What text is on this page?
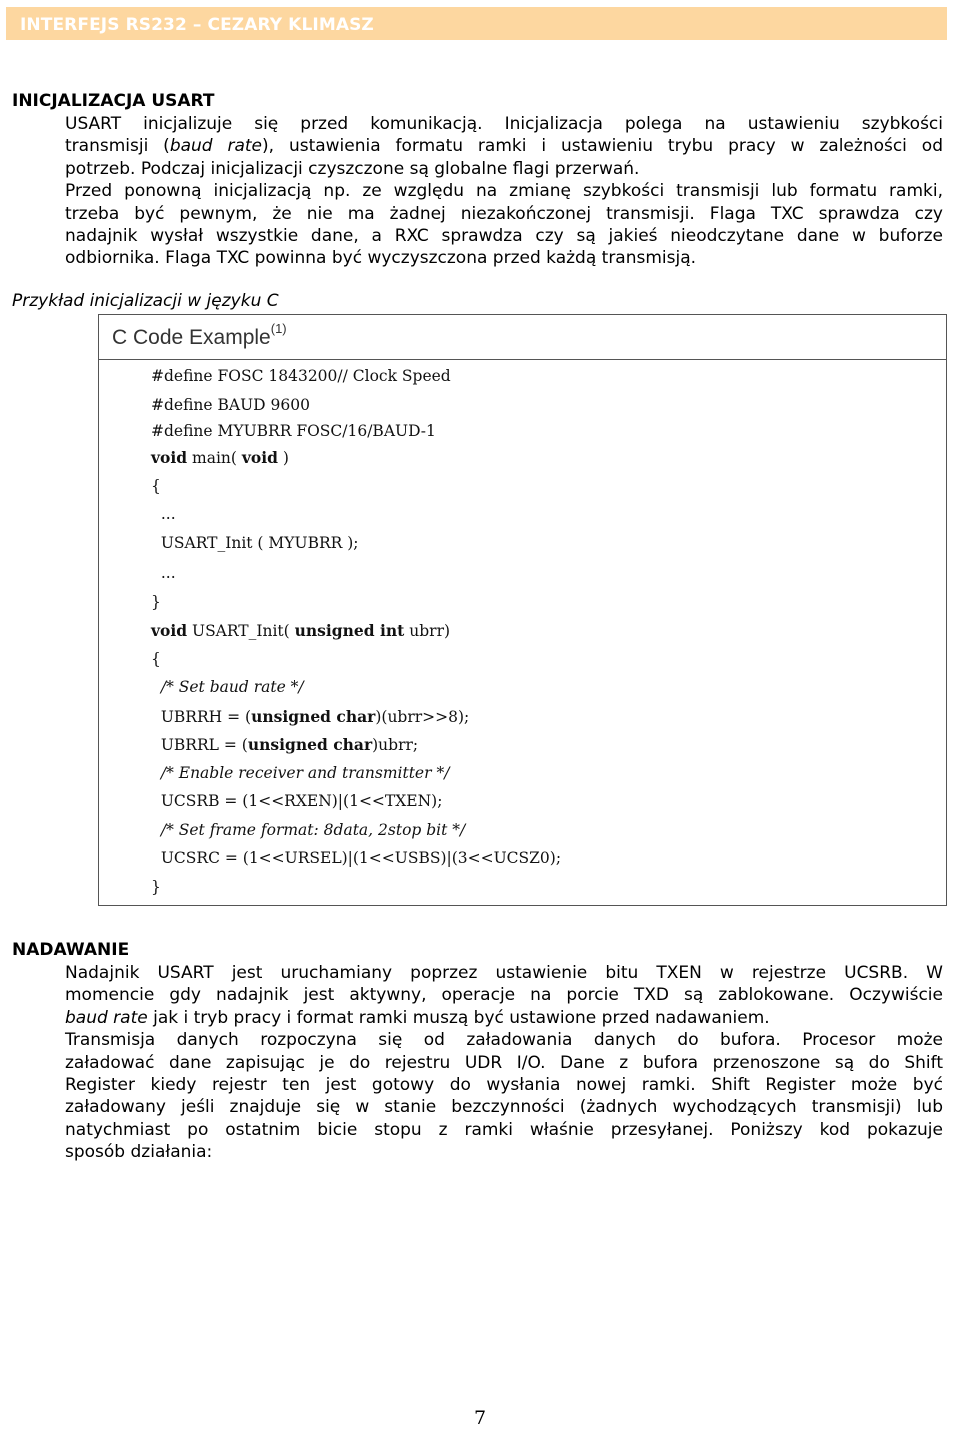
INTERFEJS RS232 – CEZARY KLIMASZ
INICJALIZACJA USART
USART inicjalizuje się przed komunikacją. Inicjalizacja polega na ustawieniu szybkości
transmisji (baud rate), ustawienia formatu ramki i ustawieniu trybu pracy w zależności od
potrzeb. Podczaj inicjalizacji czyszczone są globalne flagi przerwań.
Przed ponowną inicjalizacją np. ze względu na zmianę szybkości transmisji lub formatu ramki,
trzeba być pewnym, że nie ma żadnej niezakończonej transmisji. Flaga TXC sprawdza czy
nadajnik wysłał wszystkie dane, a RXC sprawdza czy są jakieś nieodczytane dane w buforze
odbiornika. Flaga TXC powinna być wyczyszczona przed każdą transmisją.
Przykład inicjalizacji w języku C
C Code Example$^{(1)}$
#define FOSC 1843200// Clock Speed
#define BAUD 9600
#define MYUBRR FOSC/16/BAUD-1
void main( void )
{
...
USART_Init ( MYUBRR );
...
}
void USART_Init( unsigned int ubrr)
{
/* Set baud rate */
UBRRH = (unsigned char)(ubrr>>8);
UBRRL = (unsigned char)ubrr;
/* Enable receiver and transmitter */
UCSRB = (1<<RXEN)|(1<<TXEN);
/* Set frame format: 8data, 2stop bit */
UCSRC = (1<<URSEL)|(1<<USBS)|(3<<UCSZ0);
}
NADAWANIE
Nadajnik USART jest uruchamiany poprzez ustawienie bitu TXEN w rejestrze UCSRB. W
momencie gdy nadajnik jest aktywny, operacje na porcie TXD są zablokowane. Oczywiście
baud rate jak i tryb pracy i format ramki muszą być ustawione przed nadawaniem.
Transmisja danych rozpoczyna się od załadowania danych do bufora. Procesor może
załadować dane zapisując je do rejestru UDR I/O. Dane z bufora przenoszone są do Shift
Register kiedy rejestr ten jest gotowy do wysłania nowej ramki. Shift Register może być
załadowany jeśli znajduje się w stanie bezczynności (żadnych wychodzących transmisji) lub
natychmiast po ostatnim bicie stopu z ramki właśnie przesyłanej. Poniższy kod pokazuje
sposób działania:
7
